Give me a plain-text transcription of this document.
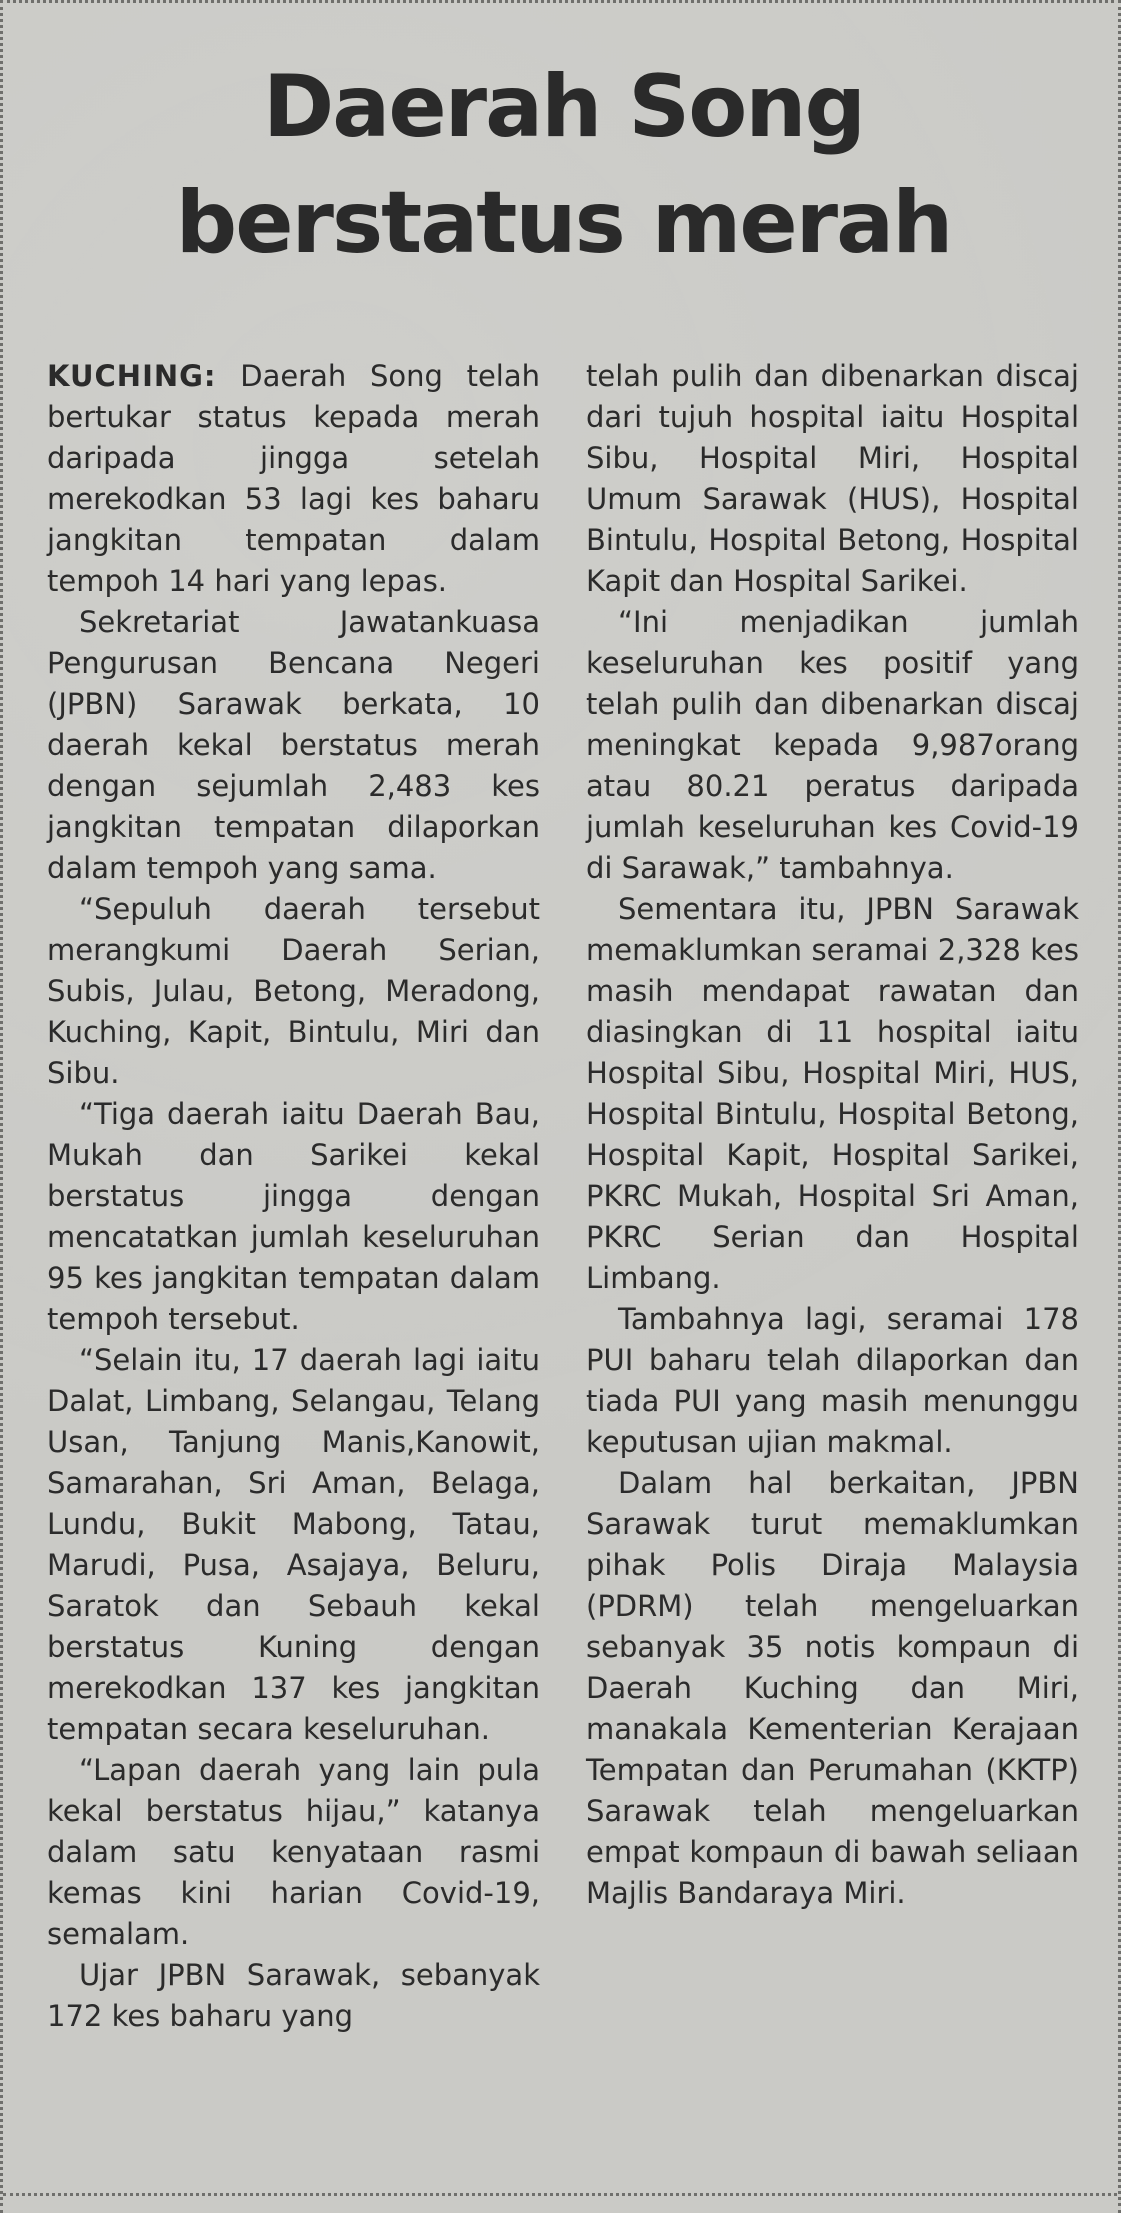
Daerah Song
berstatus merah

KUCHING: Daerah Song telah bertukar status kepada merah daripada jingga setelah merekodkan 53 lagi kes baharu jangkitan tempatan dalam tempoh 14 hari yang lepas.

Sekretariat Jawatankuasa Pengurusan Bencana Negeri (JPBN) Sarawak berkata, 10 daerah kekal berstatus merah dengan sejumlah 2,483 kes jangkitan tempatan dilaporkan dalam tempoh yang sama.

“Sepuluh daerah tersebut merangkumi Daerah Serian, Subis, Julau, Betong, Meradong, Kuching, Kapit, Bintulu, Miri dan Sibu.

“Tiga daerah iaitu Daerah Bau, Mukah dan Sarikei kekal berstatus jingga dengan mencatatkan jumlah keseluruhan 95 kes jangkitan tempatan dalam tempoh tersebut.

“Selain itu, 17 daerah lagi iaitu Dalat, Limbang, Selangau, Telang Usan, Tanjung Manis,Kanowit, Samarahan, Sri Aman, Belaga, Lundu, Bukit Mabong, Tatau, Marudi, Pusa, Asajaya, Beluru, Saratok dan Sebauh kekal berstatus Kuning dengan merekodkan 137 kes jangkitan tempatan secara keseluruhan.

“Lapan daerah yang lain pula kekal berstatus hijau,” katanya dalam satu kenyataan rasmi kemas kini harian Covid-19, semalam.

Ujar JPBN Sarawak, sebanyak 172 kes baharu yang

telah pulih dan dibenarkan discaj dari tujuh hospital iaitu Hospital Sibu, Hospital Miri, Hospital Umum Sarawak (HUS), Hospital Bintulu, Hospital Betong, Hospital Kapit dan Hospital Sarikei.

“Ini menjadikan jumlah keseluruhan kes positif yang telah pulih dan dibenarkan discaj meningkat kepada 9,987orang atau 80.21 peratus daripada jumlah keseluruhan kes Covid-19 di Sarawak,” tambahnya.

Sementara itu, JPBN Sarawak memaklumkan seramai 2,328 kes masih mendapat rawatan dan diasingkan di 11 hospital iaitu Hospital Sibu, Hospital Miri, HUS, Hospital Bintulu, Hospital Betong, Hospital Kapit, Hospital Sarikei, PKRC Mukah, Hospital Sri Aman, PKRC Serian dan Hospital Limbang.

Tambahnya lagi, seramai 178 PUI baharu telah dilaporkan dan tiada PUI yang masih menunggu keputusan ujian makmal.

Dalam hal berkaitan, JPBN Sarawak turut memaklumkan pihak Polis Diraja Malaysia (PDRM) telah mengeluarkan sebanyak 35 notis kompaun di Daerah Kuching dan Miri, manakala Kementerian Kerajaan Tempatan dan Perumahan (KKTP) Sarawak telah mengeluarkan empat kompaun di bawah seliaan Majlis Bandaraya Miri.
